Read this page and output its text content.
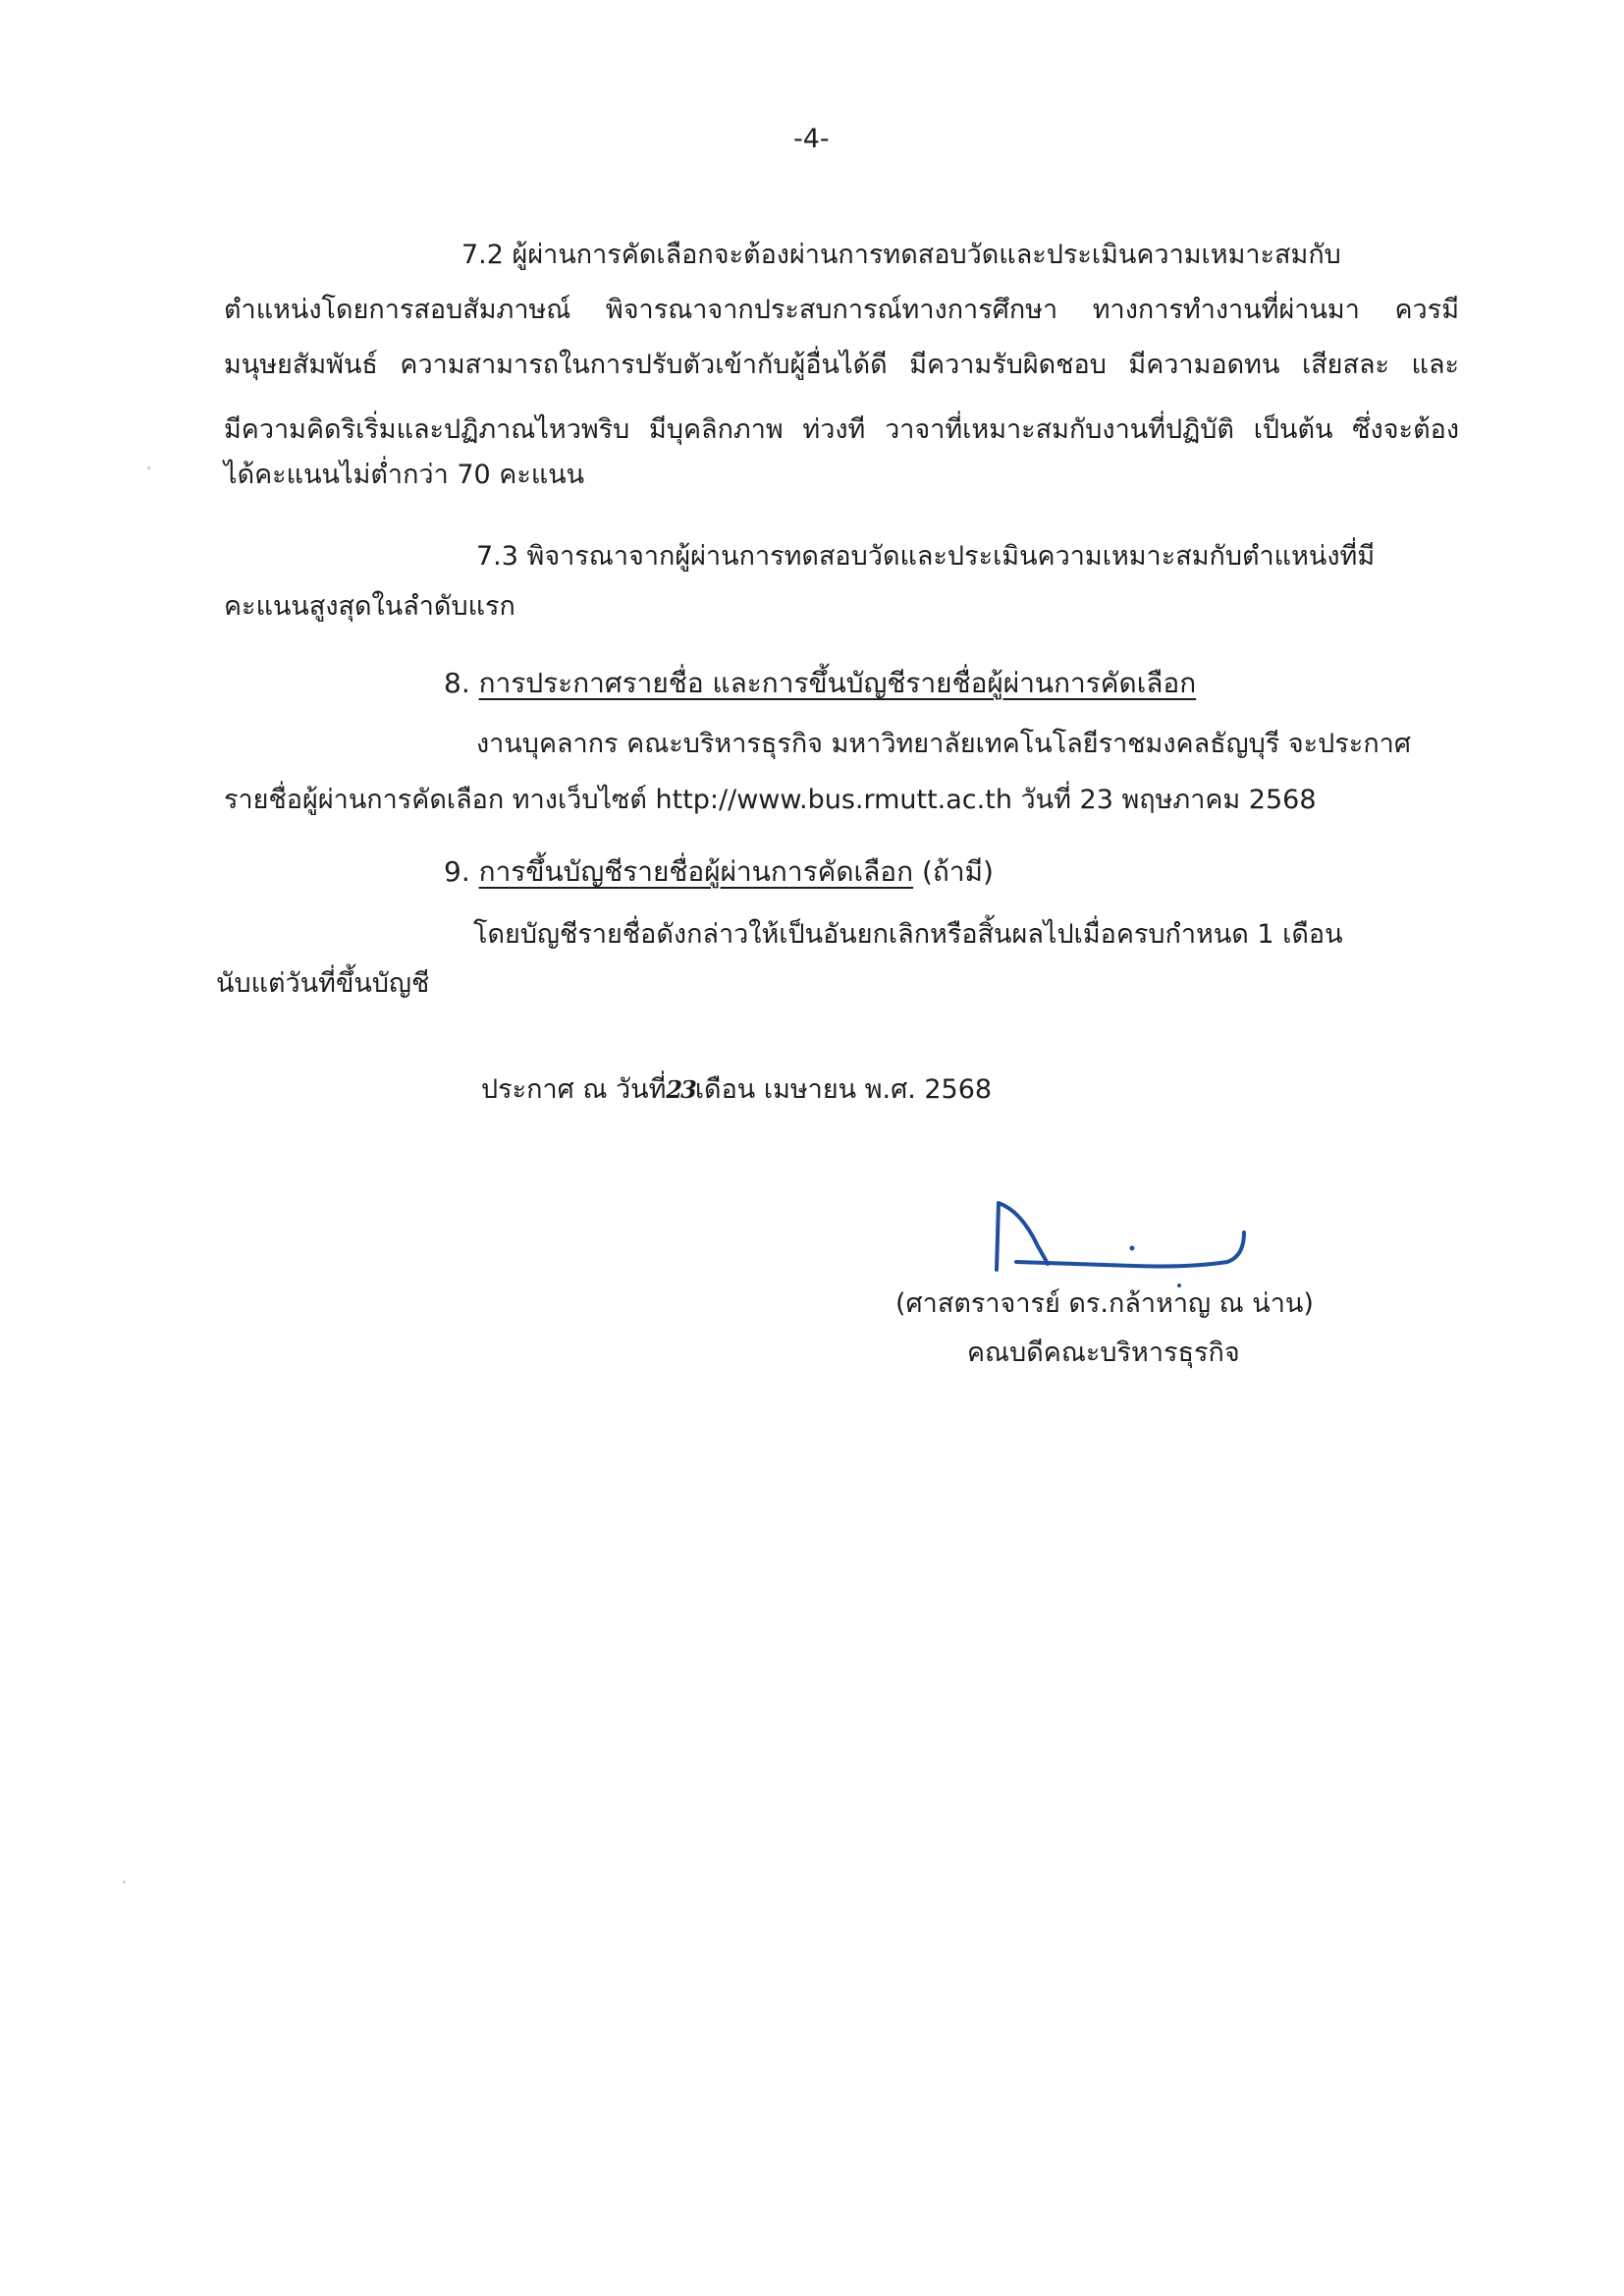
-4-
7.2 ผู้ผ่านการคัดเลือกจะต้องผ่านการทดสอบวัดและประเมินความเหมาะสมกับ
ตำแหน่งโดยการสอบสัมภาษณ์ พิจารณาจากประสบการณ์ทางการศึกษา ทางการทำงานที่ผ่านมา ควรมี
มนุษยสัมพันธ์ ความสามารถในการปรับตัวเข้ากับผู้อื่นได้ดี มีความรับผิดชอบ มีความอดทน เสียสละ และ
มีความคิดริเริ่มและปฏิภาณไหวพริบ มีบุคลิกภาพ ท่วงที วาจาที่เหมาะสมกับงานที่ปฏิบัติ เป็นต้น ซึ่งจะต้อง
ได้คะแนนไม่ต่ำกว่า 70 คะแนน
7.3 พิจารณาจากผู้ผ่านการทดสอบวัดและประเมินความเหมาะสมกับตำแหน่งที่มี
คะแนนสูงสุดในลำดับแรก
8. การประกาศรายชื่อ และการขึ้นบัญชีรายชื่อผู้ผ่านการคัดเลือก
งานบุคลากร คณะบริหารธุรกิจ มหาวิทยาลัยเทคโนโลยีราชมงคลธัญบุรี จะประกาศ
รายชื่อผู้ผ่านการคัดเลือก ทางเว็บไซต์ http://www.bus.rmutt.ac.th วันที่ 23 พฤษภาคม 2568
9. การขึ้นบัญชีรายชื่อผู้ผ่านการคัดเลือก (ถ้ามี)
โดยบัญชีรายชื่อดังกล่าวให้เป็นอันยกเลิกหรือสิ้นผลไปเมื่อครบกำหนด 1 เดือน
นับแต่วันที่ขึ้นบัญชี
ประกาศ ณ วันที่23เดือน เมษายน พ.ศ. 2568
(ศาสตราจารย์ ดร.กล้าหาญ ณ น่าน)
คณบดีคณะบริหารธุรกิจ
